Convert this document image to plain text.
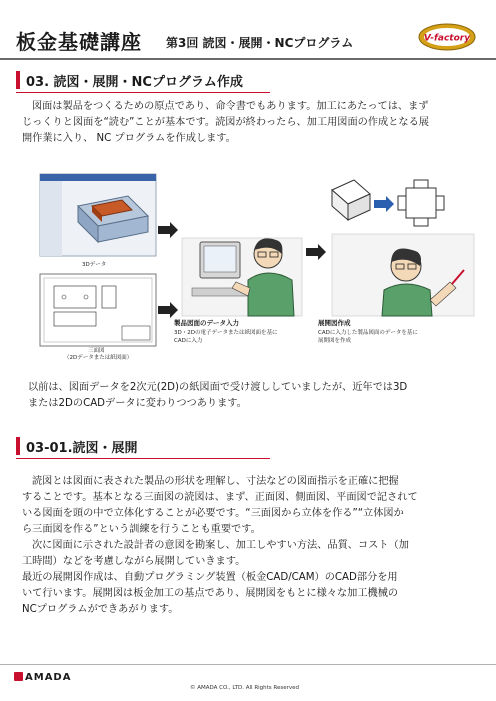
板金基礎講座 第3回 読図・展開・NCプログラム	V-factory
03. 読図・展開・NCプログラム作成
図面は製品をつくるための原点であり、命令書でもあります。加工にあたっては、まず
じっくりと図面を“読む”ことが基本です。読図が終わったら、加工用図面の作成となる展
開作業に入り、 NC プログラムを作成します。
3Dデータ
三面図
（2Dデータまたは紙図面）
製品図面のデータ入力
3D・2Dの電子データまたは紙図面を基に
CADに入力
展開図作成
CADに入力した製品図面のデータを基に
展開図を作成
以前は、図面データを2次元(2D)の紙図面で受け渡ししていましたが、近年では3D
または2DのCADデータに変わりつつあります。
03-01.読図・展開
読図とは図面に表された製品の形状を理解し、寸法などの図面指示を正確に把握
することです。基本となる三面図の読図は、まず、正面図、側面図、平面図で記されて
いる図面を頭の中で立体化することが必要です。“三面図から立体を作る”“立体図か
ら三面図を作る”という訓練を行うことも重要です。
次に図面に示された設計者の意図を勘案し、加工しやすい方法、品質、コスト（加
工時間）などを考慮しながら展開していきます。
最近の展開図作成は、自動プログラミング装置（板金CAD/CAM）のCAD部分を用
いて行います。展開図は板金加工の基点であり、展開図をもとに様々な加工機械の
NCプログラムができあがります。
AMADA
© AMADA CO., LTD. All Rights Reserved
